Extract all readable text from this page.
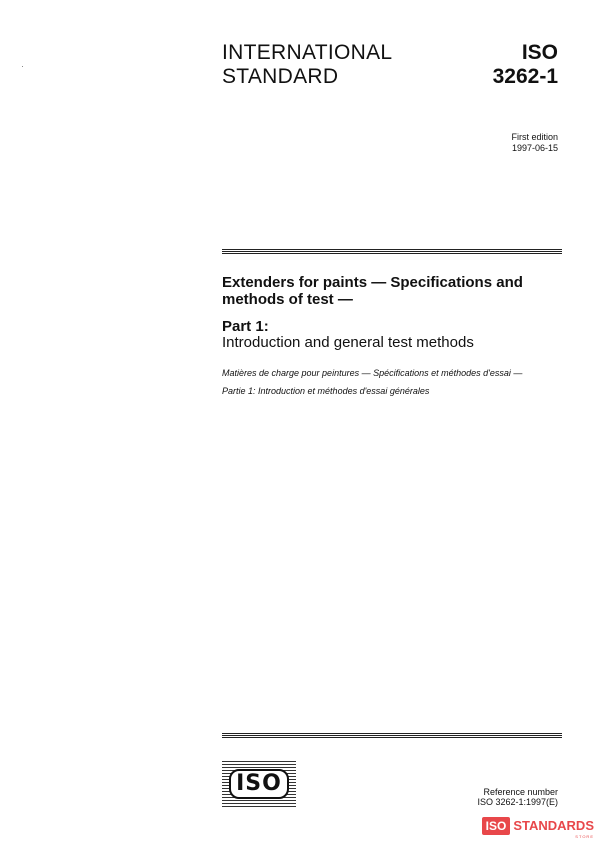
INTERNATIONAL
STANDARD
ISO
3262-1
First edition
1997-06-15
Extenders for paints — Specifications and methods of test —
Part 1:
Introduction and general test methods
Matières de charge pour peintures — Spécifications et méthodes d'essai —
Partie 1: Introduction et méthodes d'essai générales
ISO	Reference number
ISO 3262-1:1997(E)
ISO STANDARDS
STORE
